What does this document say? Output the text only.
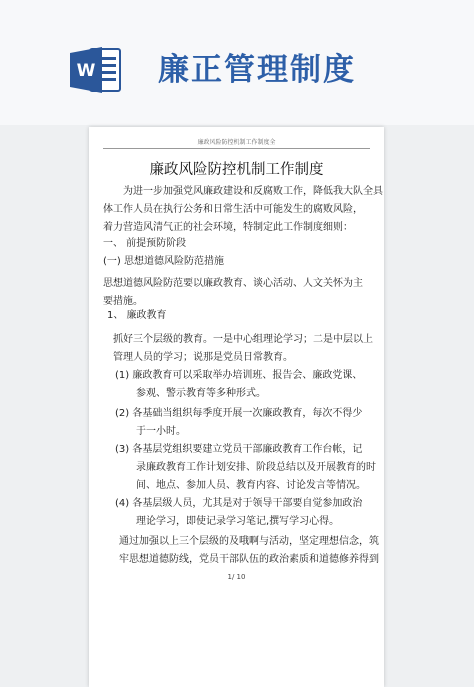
W 廉正管理制度
廉政风险防控机制工作制度全
廉政风险防控机制工作制度
为进一步加强党风廉政建设和反腐败工作，降低我大队全具
体工作人员在执行公务和日常生活中可能发生的腐败风险，
着力营造风清气正的社会环境，特制定此工作制度细则：
一、 前提预防阶段
(一) 思想道德风险防范措施
思想道德风险防范要以廉政教育、谈心活动、人文关怀为主
要措施。
1、 廉政教育
抓好三个层级的教育。一是中心组理论学习；二是中层以上
管理人员的学习；说那是党员日常教育。
(1) 廉政教育可以采取举办培训班、报告会、廉政党课、
参观、警示教育等多种形式。
(2) 各基础当组织每季度开展一次廉政教育，每次不得少
于一小时。
(3) 各基层党组织要建立党员干部廉政教育工作台帐，记
录廉政教育工作计划安排、阶段总结以及开展教育的时
间、地点、参加人员、教育内容、讨论发言等情况。
(4) 各基层级人员，尤其是对于领导干部要自觉参加政治
理论学习，即使记录学习笔记,撰写学习心得。
通过加强以上三个层级的及哦啊与活动，坚定理想信念，筑
牢思想道德防线，党员干部队伍的政治素质和道德修养得到
1/ 10
